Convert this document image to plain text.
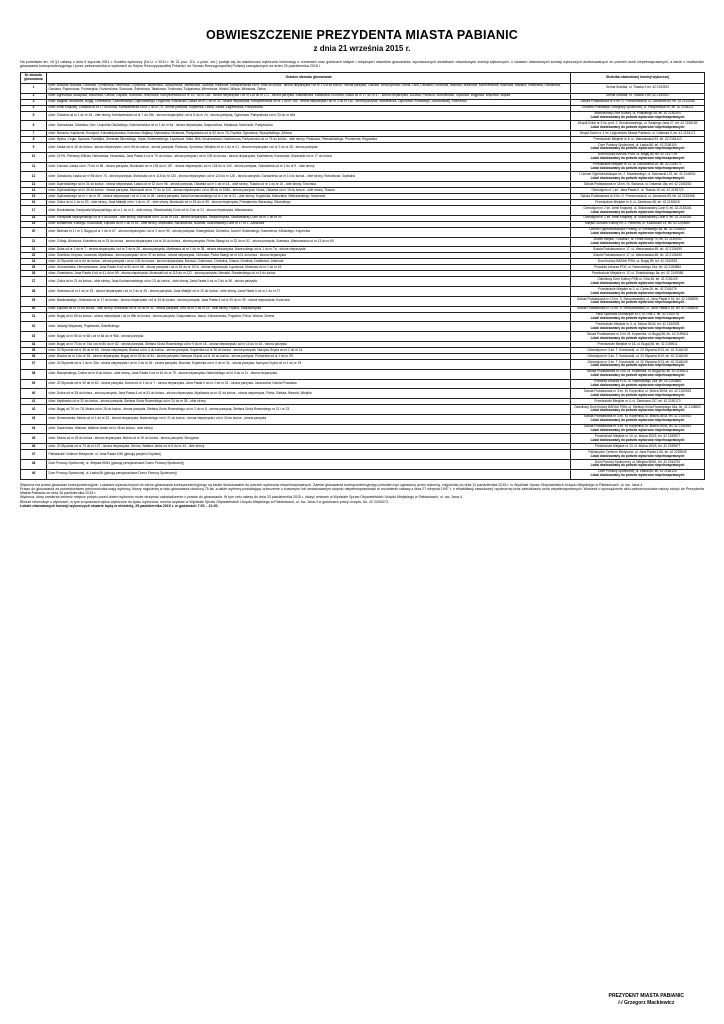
OBWIESZCZENIE PREZYDENTA MIASTA PABIANIC
z dnia 21 września 2015 r.

Na podstawie art. 16 §1 ustawy z dnia 5 stycznia 2011 r. Kodeks wyborczy (Dz.U. z 2011 r. Nr 21 poz. 112, z późn. zm.) podaje się do wiadomości wyborców informację o numerach oraz granicach stałych i odrębnych obwodów głosowania, wyznaczonych siedzibach obwodowych komisji wyborczych, o lokalach obwodowych komisji wyborczych dostosowanych do potrzeb osób niepełnosprawnych, a także o możliwości głosowania korespondencyjnego i przez pełnomocnika w wyborach do Sejmu Rzeczypospolitej Polskiej i do Senatu Rzeczypospolitej Polskiej zarządzonych na dzień 25 października 2015 r.

Nr obwodu głosowania	Granice obwodu głosowania	Siedziba obwodowej komisji wyborczej
1	ulice: Bociana, Bukowa, Cedrowa, Chmielowa, Deresowa, Gruntowa, Jałowcowa, Jarzębinowa, Jaśminowa, Jodłowa, Kalinowa, Karnyszewicka od nr 155a do końca - strona nieparzysta i od nr 172a do końca - strona parzysta, Lasowa, Leszczynowa, Leśna, Lisia, Liściasta, Łubinowa, Makowa, Malinowa, Modrzewiowa, Mokrowa, Mszana, Osiedlowa, Osowiecka, Owsiana, Paprociowa, Podmiejska, Poziomkowa, Sosnowa, Świerkowa, Tatarkowa, Trzcinowa, Tulipanowa, Wierzbowa, Widoki, Wilcza, Wiśniowa, Zielna	Gmina Szkółka, ul. Tkacka 3 tel. 42 2153922
2	ulice: Agrestowa, Akacjowa, Brzozowa, Ciesna, Gajowa, Grabowa, Jesionowa, Karnyszewicka od nr 107 do nr 155 - strona nieparzysta i od nr 118 do nr 172 - strona parzysta, Kasztanowa, Kabakowa, Klonowa, Łaska od nr 27 do nr 47 - strona nieparzysta, Łukowa, Polnicza, Stokrotkowa, Topolowa, Wąglowa, Wiązowa, Wąska	Gmina Szkółka, ul. Tkacka 3 tel. 42 2153922
3	ulice: Bagieła, Brzozowa, Bugaj, Cmentarna, Czarnieckiego, Dąbrowskiego, Legionów, Kościuszki, Łaska od nr 1 do nr 25 - strona nieparzysta, Karnyszewicka od nr 1 do nr 105 - strona nieparzysta i od nr 2 do nr 116 - strona parzysta, Mickiewicza, Ogrodowa, Kilińskiego, Skłodowskiej, Strzelecka	Szkoła Podstawowa nr 5 im. G. Pronumowicza, ul. Zamkowa 65, tel. 42 2152458
4	ulice: Armii Krajowej, Chłodna od nr 17 do końca, Karniszewicka od nr 2 do nr 78 - strona parzysta, Kopernika, Leśna, Łaska, Łagiewnicka, Partyzancka	Ośrodek Profilaktyki i Integracji Społecznej, ul. Partyzancka 90, tel. 42 2154211
5	ulice: Chłodna od nr 1 do nr 16 - obie strony, Karniszewicka od nr 7 do 19b - strona nieparzysta i od nr 6 do nr 24 - strona parzysta, Ogrodowa, Partyzancka od nr 33 do nr 49a	Młodzieżowy Dom Kultury, ul. Pułaskiego 38, tel. 42 2150393
Lokal dostosowany do potrzeb wyborców niepełnosprawnych

6	ulice: Gamcarska, Gdańska, Gen. Leopolda Okulickiego, Karniszewicka od nr 1 do nr 5a - strona nieparzysta, Kasprowicza, Kwiatowa, Moniuszki, Partyzancka	Zespół Szkół nr 3 im. prof. J. Groszkowskiego, ul. Świętego Jana 27, tel. 42 2155189
Lokal dostosowany do potrzeb wyborców niepełnosprawnych

7	ulice: Barucha, Kapliczna, Konopna, Konstantynowska, Krasowa, Majtany, Mymanska, Mostowa, Partyzancka od nr 62 do nr 76, Popiela, Ogrodowa, Wyszyńskiego, Zielona	Zespół Szkół nr 3 im. Legionistów Miasta Pabianic, ul. Gdańska 5, tel. 42 2154171
8	ulice: Bystra, Cegła, Dębowa, Familijna, Generała Sikorskiego, Kręta, Kisielewskiego, Łączkowa, Mała, Miła, Modrzewiowa, Nadrzeczna, Partyzancka od nr 76 do końca - obie strony, Piaskowa, Pietrusińskiego, Promienna, Rzgowska	Przedszkole Miejskie nr 6, ul. Warszawska 53, tel. 42 2154110
9	ulice: Łaska od nr 49 do końca - strona nieparzysta i od nr 66 do końca - strona parzysta, Parkowa, Sportowa, Wiejska od nr 1 do nr 21 - strona nieparzysta i od nr 2 do nr 28 - strona parzysta	Dom Pomocy Społecznej, ul. Łaska 86, tel. 42 2156104
Lokal dostosowany do potrzeb wyborców niepełnosprawnych

10	ulice: 15 PA, Pierwszy Wilków, Helmańska, Huaańska, Jana Pawła II od nr 70 do końca - strona parzysta i od nr 109 do końca - strona nieparzysta, Kazimierza, Kościuszki, Moniuszki od nr 17 do końca	Dom Kultury BARAK PSM, ul. Bugaj 89, tel. 42 2137739
Lokal dostosowany do potrzeb wyborców niepełnosprawnych

11	ulice: Łukowa, Łaska od nr 70 do nr 86 - strona parzysta, Moniuszki od nr 135 do nr 157 - strona nieparzysta i od nr 128 do nr 144 - strona parzysta, Odrodzenia od nr 1 do nr 9 - obie strony	Przedszkole Miejskie nr 14, ul. Odrodzenia 16, tel. 42 2156771
Lokal dostosowany do potrzeb wyborców niepełnosprawnych

12	ulice: Garażowa, Łaska od nr 98 do nr 74 - strona parzysta, Moniuszki od nr 115 do nr 133 - strona nieparzysta i od nr 124 do nr 126 - strona parzysta, Odrodzenia od nr 10 do końca - obie strony, Robotnicza, Szpitalna	I Liceum Ogólnokształcące im. J. Śniadeckiego, ul. Moniuszki 132, tel. 42 2146911
Lokal dostosowany do potrzeb wyborców niepełnosprawnych

13	ulice: Dąbrowskiego od nr 31 do końca - strona nieparzysta, Łaska od nr 32 do nr 56 - strona parzysta, Ostatnia od nr 1 do nr 14 - obie strony, Tkacka od nr 1 do nr 10 - obie strony, Toruńska	Szkoła Podstawowa nr 18 im. St. Staszica, ul. Ostatnia 15a, tel. 42 2156253
14	ulice: Dąbrowskiego od nr 30 do końca - strona parzysta, Moniuszki od nr 77 do nr 113 - strona nieparzysta i od nr 88 do nr 108a - strona parzysta, Nowa, Ostatnia od nr 15 do końca - obie strony, Tkacka	Gimnazjum nr 1 im. Jana Pawła II, ul. Tkacka 15, tel. 42 2155723
15	ulice: Dąbrowskiego od nr 1 do nr 29 - strona nieparzysta i od nr 2 do nr 28 - strona parzysta, Jana Kochanowskiego od nr 1 do nr 21 - obie strony, Kopernika, Marszałka, Mielczarskiego, Moniuszki	Szkoła Podstawowa nr 5 im. G. Pronumowicza, ul. Zamkowa 65, tel. 42 2152458
16	ulice: Cicha od nr 1 do nr 20 - obie strony, Jana Matejki od nr 1 do nr 19 - obie strony, Moniuszki od nr 43 do nr 55 - strona nieparzysta, Prewiatorów Warszawy, Sikorskiego	Przedszkole Miejskie nr 5, ul. Zamkowa 48, tel. 42 2152618
17	ulice: Bronisławów, Kardynała Wyszyńskiego od nr 1 do nr 4 - obie strony, Skłodowskiej-Curie od nr 3 do nr 21 - strona nieparzysta, Warszawska	Gimnazjum nr 2 im. Armii Krajowej, ul. Skłodowskiej-Curie 5, tel. 42 2153161
Lokal dostosowany do potrzeb wyborców niepełnosprawnych

18	ulice: Kardynała Wyszyńskiego od nr 5 do końca - obie strony, Moniuszki od nr 20 do nr 41a - strona nieparzysta, Świętokrzyska, Skłodowskiej-Curie od nr 1 do nr 29	Gimnazjum nr 2 im. Armii Krajowej, ul. Skłodowskiej-Curie 5, tel. 42 2153161
19	ulice: Bohaterów, Kolbego, Kościuszki, Łąkowa od nr 1 do nr 18 - obie strony, Marszałka, Narutowicza, Nowotki, Skłodowskiej-Curie nr 1 i nr 2, Zamkowa	Miejski Ośrodek Kultury im. Z. Herberta, ul. Kościuszki 14, tel. 42 2254690
20	ulice: Błońska nr 1 i nr 2, Bugaj od nr 1 do nr 67 - strona nieparzysta i od nr 2 do nr 90 - strona parzysta, Ewangelicka, Grobelna, Jana III Sobieskiego, Kazimierza, Kilińskiego, Kopernika	Liceum Ogólnokształcące Poliklaj, ul. Kilińskiego 6a, tel. 42 2254692
Lokal dostosowany do potrzeb wyborców niepełnosprawnych

21	ulice: 3 Maja, Bóźnicza, Kościelna od nr 15 do końca - strona nieparzysta i od nr 16 do końca - strona parzysta, Piotra Skargi od nr 32 do nr 52 - strona parzysta, Szewska, Warszawska od nr 13 do nr 69	Żłobek Miejski - Oddział I, ul. Piotra Skargi 70, tel. 42 2149052
Lokal dostosowany do potrzeb wyborców niepełnosprawnych

22	ulice: Doba od nr 1 do nr 7 - strona nieparzysta i od nr 2 do nr 26 - strona parzysta, Myśliwska od nr 1 do nr 38 - strona nieparzysta, Nawrockiego od nr 1 do nr 7a - strona nieparzysta	Szkoła Podstawowa nr 17, ul. Warszawska 65, tel. 42 2136190
23	ulice: Granicza, Krzywa, Lewanda, Myśliwska - strona parzysta i od nr 37 do końca - strona nieparzysta, Ochodza, Piotra Skargi od nr 101 do końca - strona nieparzysta	Szkoła Podstawowa nr 17, ul. Warszawska 65, tel. 42 2136190
24	ulice: 20 Stycznia od nr 64 do końca - strona parzysta i od nr 109 do końca - strona nieparzysta, Borowa, Chabrowa, Chmielna, Ciasna, Droblina, Działkowa, Jesienna	Dom Kultury BARAK PSM, ul. Bugaj 89, tel. 42 2150933
25	ulice: Grunwaldzka, Hermanowska, Jana Pawła II od nr 52 do nr 68 - strona parzysta i od nr 81 do nr 107a - strona nieparzysta, Łączkowa, Mostowa od nr 1 do nr 15	Poradnia Lekarza POZ, ul. Nawrockiego 24a, tel. 42 2153884
26	ulice: Cmentarna, Jana Pawła II od nr 41 do nr 59 - strona nieparzysta, Moniuszki od nr 110 do nr 122 - strona parzysta, Nieciała, Śniadeckiego od nr 5 do końca	Przedszkole Miejskie nr 12, ul. Śniadeckiego 8a, tel. 42 2149088
27	ulice: Cicha od nr 21 do końca - obie strony, Jana Kochanowskiego od nr 23 do końca - obie strony, Jana Pawła II od nr 2 do nr 50 - strona parzysta	Osiedlowy Dom Kultury PSM ul. Orla 45, tel. 42 2151109
Lokal dostosowany do potrzeb wyborców niepełnosprawnych

28	ulice: Grabowa od nr 1 do nr 15 - strona nieparzysta i od nr 2 do nr 26 - strona parzysta, Jana Matejki od nr 20 do końca - obie strony, Jana Pawła II od nr 1 do nr 27	Przedszkole Miejskie nr 2, ul. Cicha 26, tel. 42 2151079
Lokal dostosowany do potrzeb wyborców niepełnosprawnych

29	ulice: Bardowskiego, Grabowa od nr 17 do końca - strona nieparzysta i od nr 34 do końca - strona parzysta, Jana Pawła II od nr 29 do nr 39 - strona nieparzysta, Kolorowa	Szkoła Podstawowa nr 13 im. S. Sempołowskiej, ul. Jana Pawła II 16, tel. 42 2158878
Lokal dostosowany do potrzeb wyborców niepełnosprawnych

30	ulice: Łąkowa od nr 19 do końca - obie strony, Moniuszki od nr 26 do nr 32 - strona parzysta, Orla od nr 1 do nr 23 - obie strony, Piękna, Świętokrzyska	Szkoła Podstawowa nr 13 im. S. Sempołowskiej, ul. Jana Pawła II 16, tel. 42 2158878
31	ulice: Bugaj od nr 69 do końca - strona nieparzysta i od nr 96b do końca - strona parzysta, Gospodarcza, Jasna, Juliuszowska, Pogodna, Polna, Wodna, Zemna	Hala Sportowa Gimnazjum nr 2, ul. Orla 1, tel. 42 2152176
Lokal dostosowany do potrzeb wyborców niepełnosprawnych

32	ulice: Jadwigi Wajdowej, Popławska, Świetlickiego	Przedszkole Miejskie nr 3, ul. Mokra 30/34, tel. 42 2150933
Lokal dostosowany do potrzeb wyborców niepełnosprawnych

33	ulice: Bugaj od nr 56 do nr 68 i od nr 84 do nr 96a - strona parzysta	Szkoła Podstawowa nr 3 im. M. Kopernika, ul. Bugaj 58, tel. 42 2159511
Lokal dostosowany do potrzeb wyborców niepełnosprawnych

34	ulice: Bugaj od nr 70 do nr 74a i od nr 80 do nr 82 - strona parzysta, Stefana Grota Roweckiego od nr 9 do nr 15 - strona nieparzysta i od nr 10 do nr 16 - strona parzysta	Przedszkole Miejskie nr 18, ul. Bugaj 58, tel. 42 2159511
35	ulice: 20 Stycznia od nr 35 do nr 63 - strona nieparzysta, Bracka od nr 4 do końca - strona parzysta, Kopernika od nr 36 do końca - strona parzysta, Narcyza Gryzla od nr 2 do nr 14	Gimnazjum nr 3 im. T. Kościuszki, ul. 20 Stycznia 9/13, tel. 42 2146249
36	ulice: Bracka od nr 3 do nr 33 - strona nieparzysta, Bugaj od nr 52 do nr 54 - strona parzysta, Narcyza Gryzla od nr 16 do końca - strona parzysta, Pomorska od nr 1 do nr 29	Gimnazjum nr 3 im. T. Kościuszki, ul. 20 Stycznia 9/13, tel. 42 2146249
37	ulice: 20 Stycznia od nr 1 do nr 33a - strona nieparzysta i od nr 2 do nr 26 - strona parzysta, Bocznia, Kopernika od nr 2 do nr 34 - strona parzysta, Narcyza Gryzla od nr 1 do nr 19	Gimnazjum nr 3 im. T. Kościuszki, ul. 20 Stycznia 9/13, tel. 42 2146249
Lokal dostosowany do potrzeb wyborców niepełnosprawnych

38	ulice: Baczyńskiego, Dobra od nr 8 do końca - obie strony, Jana Pawła II od nr 61 do nr 79 - strona nieparzysta, Nawrockiego od nr 9 do nr 11 - strona nieparzysta	Szkoła Podstawowa nr 3 im. M. Kopernika, ul. Bugaj 58, tel. 42 2159511
Lokal dostosowany do potrzeb wyborców niepełnosprawnych

39	ulice: 20 Stycznia od nr 30 do nr 62 - strona parzysta, Dobra od nr 1 do nr 7 - strona nieparzysta, Jana Pawła II od nr 2 do nr 32 - strona parzysta, Jaszczurka, Karola Prowaska	Poradnia Lekarza POZ, ul. Nawrockiego 24a, tel. 42 2153884
Lokal dostosowany do potrzeb wyborców niepełnosprawnych

40	ulice: Dobra od nr 28 do końca - strona parzysta, Jana Pawła II od nr 81 do końca - strona nieparzysta, Myśliwska od nr 41 do końca - strona nieparzysta, Polna, Sielska, Wesoła, Wiejska	Szkoła Podstawowa nr 3 im. M. Kopernika, ul. Mokra 35/34, tel. 42 2150933
Lokal dostosowany do potrzeb wyborców niepełnosprawnych

41	ulice: Myśliwska od nr 20 do końca - strona parzysta, Stefana Grota Roweckiego od nr 24 do nr 35 - obie strony	Przedszkole Miejskie nr 4, ul. Zamkowa 137, tel. 42 2150170
42	ulice: Bugaj od 76 i nr 78, Mokra od nr 26 do końca - strona parzysta, Stefana Grota Roweckiego od nr 2 do nr 8 - strona parzysta, Stefana Grota Roweckiego nr 21 i nr 23	Osiedlowy Dom Kultury BARAK PSM, ul. Stefana Grota Roweckiego 18a, tel. 42 2148692
Lokal dostosowany do potrzeb wyborców niepełnosprawnych

43	ulice: Drewnowska, Mokra od nr 1 do nr 23 - strona nieparzysta, Nawrockiego od nr 21 do końca - strona nieparzysta i od nr 34 do końca - strona parzysta	Szkoła Podstawowa nr 3 im. M. Kopernika, ul. Mokra 28/34, tel. 42 2150933
Lokal dostosowany do potrzeb wyborców niepełnosprawnych

44	ulice: Gawrońska, Wałowa, Waltera Janke od nr 45 do końca - obie strony	Szkoła Podstawowa nr 3 im. M. Kopernika, ul. Mokra 28/34, tel. 42 2150933
Lokal dostosowany do potrzeb wyborców niepełnosprawnych

45	ulice: Mokra od nr 25 do końca - strona nieparzysta, Mokra od nr 20 do końca - strona parzysta, Smugowa	Przedszkole Miejskie nr 13, ul. Mokra 19/23, tel. 42 2159577
Lokal dostosowany do potrzeb wyborców niepełnosprawnych

46	ulice: 20 Stycznia od nr 73 do nr 107 - strona nieparzysta, Gierna, Waltera Janke od nr 5 do nr 44 - obie strony	Przedszkole Miejskie nr 13, ul. Mokra 19/23, tel. 42 2159577
47	Pabianickie Centrum Medyczne, ul. Jana Pawła II 68 (głosują pacjenci Szpitala)	Pabianickie Centrum Medyczne, ul. Jana Pawła II 68, tel. 42 2253549
Lokal dostosowany do potrzeb wyborców niepełnosprawnych

48	Dom Pomocy Społecznej, ul. Wiejska 55/61 (głosują pensjonariusze Domu Pomocy Społecznej)	Dom Pomocy Społecznej, ul. Wiejska 55/61, tel. 42 2154751
Lokal dostosowany do potrzeb wyborców niepełnosprawnych

49	Dom Pomocy Społecznej, ul. Łaska 86 (głosują pensjonariusze Domu Pomocy Społecznej)	Dom Pomocy Społecznej, ul. Łaska 86, tel. 42 2156104
Lokal dostosowany do potrzeb wyborców niepełnosprawnych

Wyborca ma prawo głosować korespondencyjnie. Lokalami wyznaczonymi do celów głosowania korespondencyjnego są lokale dostosowane do potrzeb wyborców niepełnosprawnych. Zamiar głosowania korespondencyjnego powinien być zgłoszony przez wyborcę, najpóźniej do dnia 12 października 2015 r. w Wydziale Spraw Obywatelskich Urzędu Miejskiego w Pabianicach, ul. św. Jana 4.

Prawo do głosowania za pośrednictwem pełnomocnika mają wyborcy, którzy najpóźniej w dniu głosowania ukończą 75 lat, a także wyborcy posiadający orzeczenie o znacznym lub umiarkowanym stopniu niepełnosprawności w rozumieniu ustawy z dnia 27 sierpnia 1997 r. o rehabilitacji zawodowej i społecznej oraz zatrudnianiu osób niepełnosprawnych. Wniosek o sporządzenie aktu pełnomocnictwa należy złożyć do Prezydenta Miasta Pabianic do dnia 16 października 2015 r.

Wyborca, który zamierza zmienić miejsce pobytu przed dniem wyborów może otrzymać zaświadczenie o prawie do głosowania. W tym celu należy do dnia 23 października 2015 r. złożyć wniosek w Wydziale Spraw Obywatelskich Urzędu Miejskiego w Pabianicach, ul. św. Jana 4.

Bliższe informacje o wyborach, w tym w sprawach wpisu wyborców do spisu wyborców, można uzyskać w Wydziale Spraw Obywatelskich Urzędu Miejskiego w Pabianicach, ul. św. Jana 4 w godzinach pracy Urzędu, tel. 42 2254073.

Lokale obwodowych komisji wyborczych otwarte będą w niedzielę, 25 października 2015 r. w godzinach 7.00 – 21.00.

PREZYDENT MIASTA PABIANIC
/-/ Grzegorz Mackiewicz
